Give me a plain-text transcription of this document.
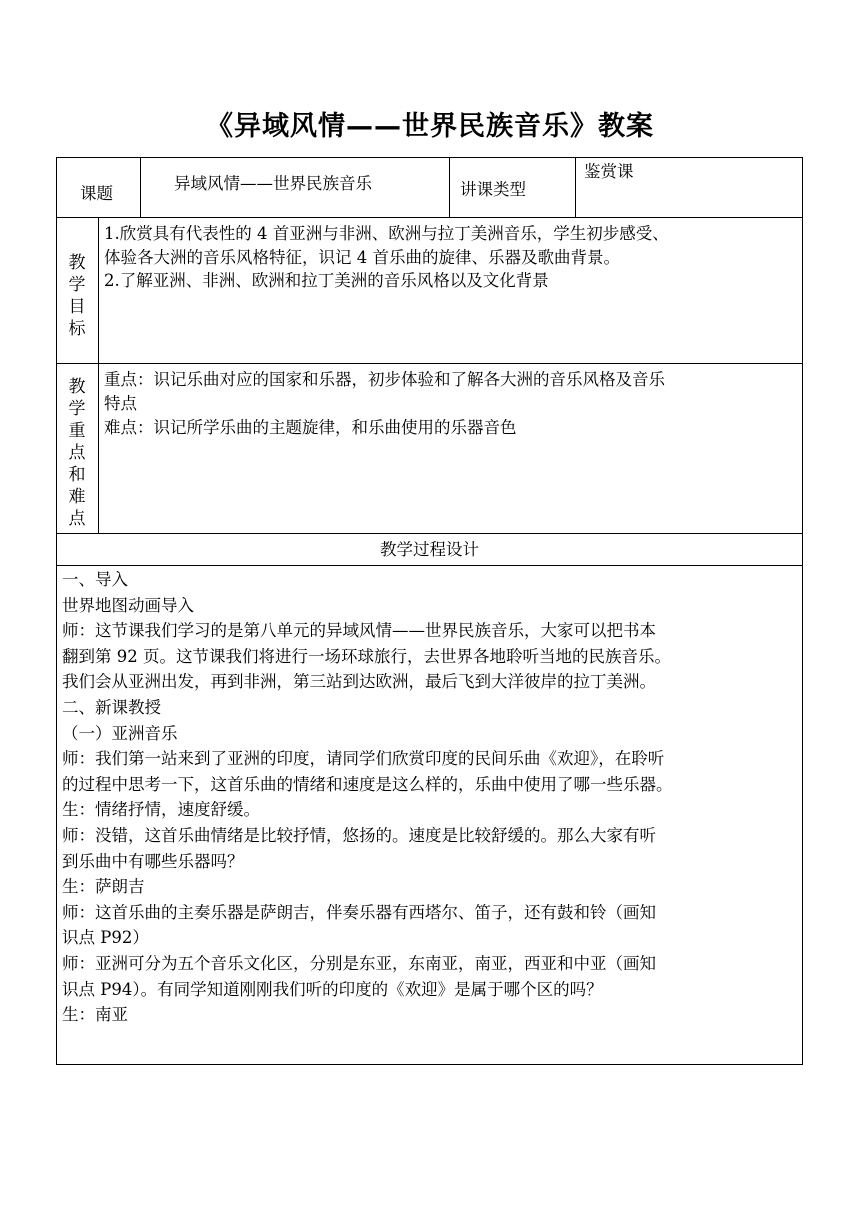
《异域风情——世界民族音乐》教案
课题
异域风情——世界民族音乐	讲课类型
鉴赏课
教学目标
1.欣赏具有代表性的 4 首亚洲与非洲、欧洲与拉丁美洲音乐，学生初步感受、
体验各大洲的音乐风格特征，识记 4 首乐曲的旋律、乐器及歌曲背景。
2.了解亚洲、非洲、欧洲和拉丁美洲的音乐风格以及文化背景
教学重点和难点
重点：识记乐曲对应的国家和乐器，初步体验和了解各大洲的音乐风格及音乐
特点
难点：识记所学乐曲的主题旋律，和乐曲使用的乐器音色
教学过程设计
一、导入
世界地图动画导入
师：这节课我们学习的是第八单元的异域风情——世界民族音乐，大家可以把书本
翻到第 92 页。这节课我们将进行一场环球旅行，去世界各地聆听当地的民族音乐。
我们会从亚洲出发，再到非洲，第三站到达欧洲，最后飞到大洋彼岸的拉丁美洲。
二、新课教授
（一）亚洲音乐
师：我们第一站来到了亚洲的印度，请同学们欣赏印度的民间乐曲《欢迎》，在聆听
的过程中思考一下，这首乐曲的情绪和速度是这么样的，乐曲中使用了哪一些乐器。
生：情绪抒情，速度舒缓。
师：没错，这首乐曲情绪是比较抒情，悠扬的。速度是比较舒缓的。那么大家有听
到乐曲中有哪些乐器吗？
生：萨朗吉
师：这首乐曲的主奏乐器是萨朗吉，伴奏乐器有西塔尔、笛子，还有鼓和铃（画知
识点 P92）
师：亚洲可分为五个音乐文化区，分别是东亚，东南亚，南亚，西亚和中亚（画知
识点 P94）。有同学知道刚刚我们听的印度的《欢迎》是属于哪个区的吗？
生：南亚
